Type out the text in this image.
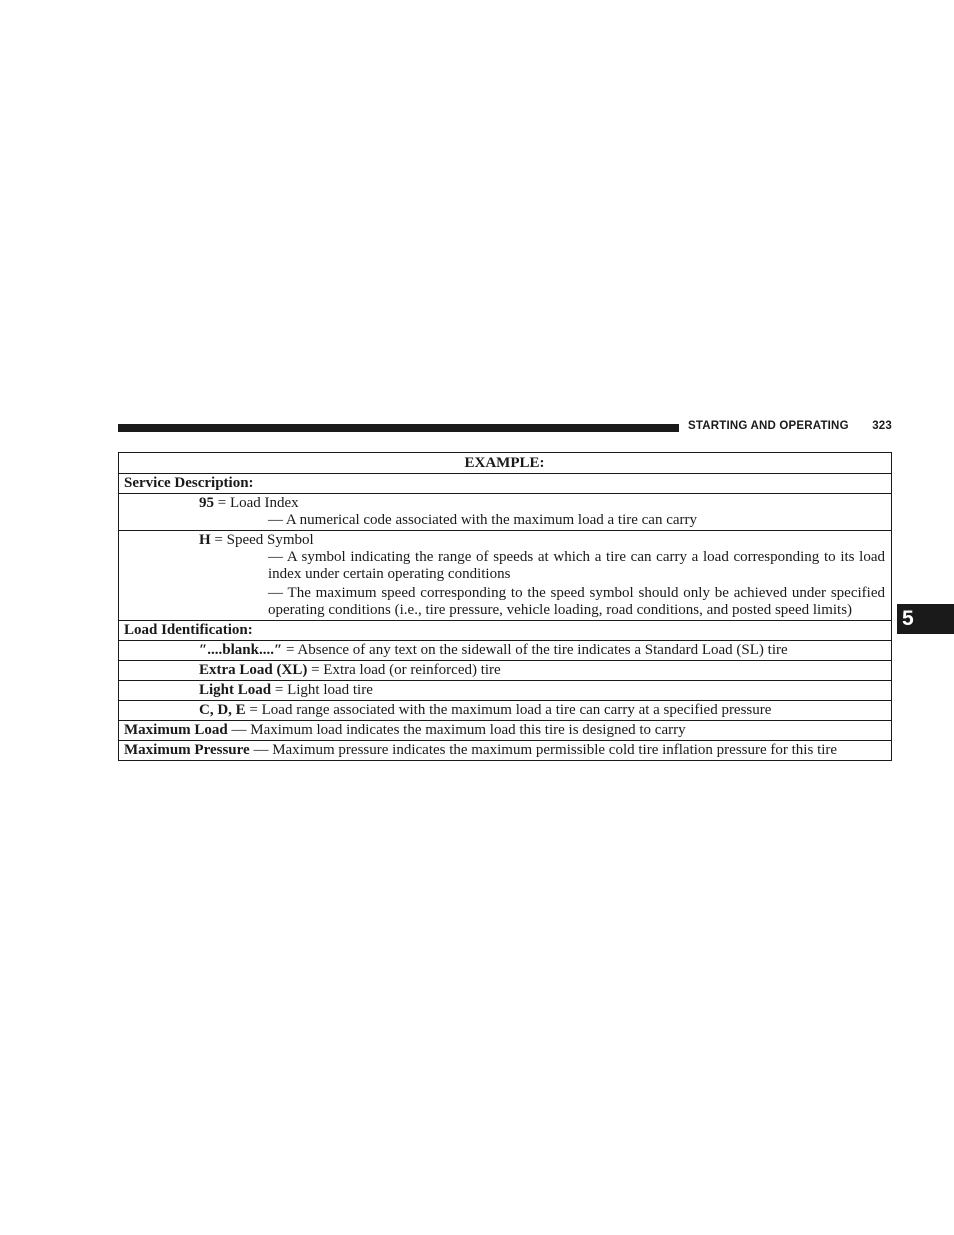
STARTING AND OPERATING 323
5
EXAMPLE:
Service Description:
95 = Load Index
— A numerical code associated with the maximum load a tire can carry
H = Speed Symbol
— A symbol indicating the range of speeds at which a tire can carry a load corresponding to its load index under certain operating conditions
— The maximum speed corresponding to the speed symbol should only be achieved under specified operating conditions (i.e., tire pressure, vehicle loading, road conditions, and posted speed limits)
Load Identification:
″....blank....″ = Absence of any text on the sidewall of the tire indicates a Standard Load (SL) tire
Extra Load (XL) = Extra load (or reinforced) tire
Light Load = Light load tire
C, D, E = Load range associated with the maximum load a tire can carry at a specified pressure
Maximum Load — Maximum load indicates the maximum load this tire is designed to carry
Maximum Pressure — Maximum pressure indicates the maximum permissible cold tire inflation pressure for this tire
